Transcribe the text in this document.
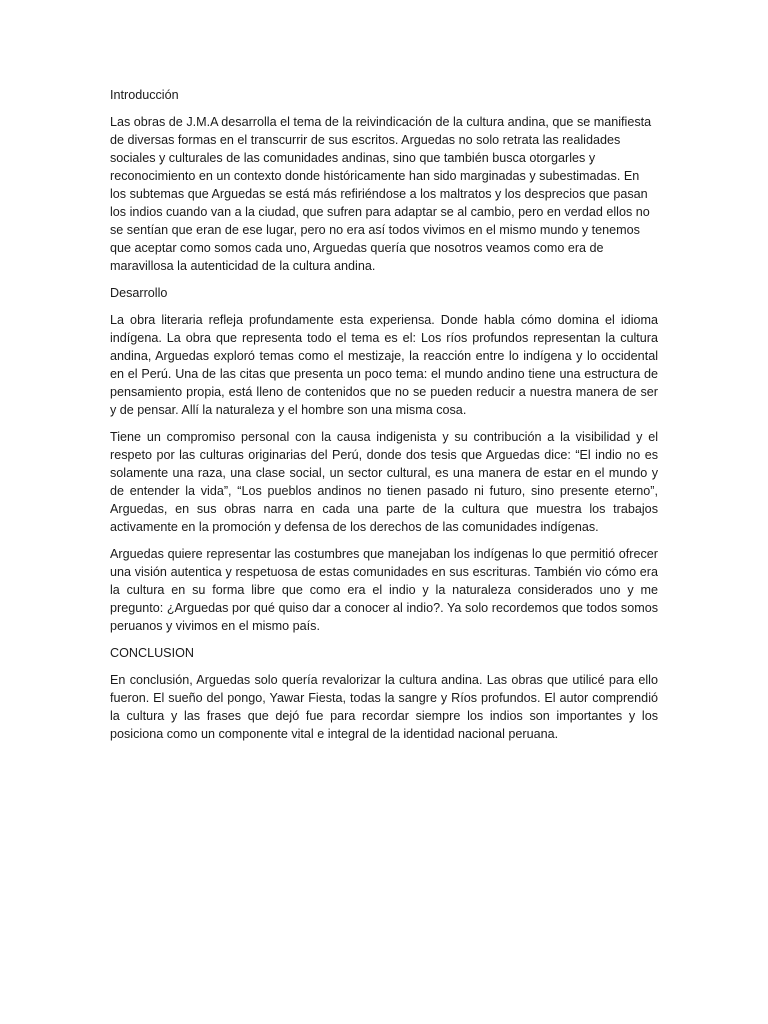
Introducción

Las obras de J.M.A desarrolla el tema de la reivindicación de la cultura andina, que se manifiesta de diversas formas en el transcurrir de sus escritos. Arguedas no solo retrata las realidades sociales y culturales de las comunidades andinas, sino que también busca otorgarles y reconocimiento en un contexto donde históricamente han sido marginadas y subestimadas. En los subtemas que Arguedas se está más refiriéndose a los maltratos y los desprecios que pasan los indios cuando van a la ciudad, que sufren para adaptar se al cambio, pero en verdad ellos no se sentían que eran de ese lugar, pero no era así todos vivimos en el mismo mundo y tenemos que aceptar como somos cada uno, Arguedas quería que nosotros veamos como era de maravillosa la autenticidad de la cultura andina.

Desarrollo

La obra literaria refleja profundamente esta experiensa. Donde habla cómo domina el idioma indígena. La obra que representa todo el tema es el: Los ríos profundos representan la cultura andina, Arguedas exploró temas como el mestizaje, la reacción entre lo indígena y lo occidental en el Perú. Una de las citas que presenta un poco tema: el mundo andino tiene una estructura de pensamiento propia, está lleno de contenidos que no se pueden reducir a nuestra manera de ser y de pensar. Allí la naturaleza y el hombre son una misma cosa.

Tiene un compromiso personal con la causa indigenista y su contribución a la visibilidad y el respeto por las culturas originarias del Perú, donde dos tesis que Arguedas dice: “El indio no es solamente una raza, una clase social, un sector cultural, es una manera de estar en el mundo y de entender la vida”, “Los pueblos andinos no tienen pasado ni futuro, sino presente eterno”, Arguedas, en sus obras narra en cada una parte de la cultura que muestra los trabajos activamente en la promoción y defensa de los derechos de las comunidades indígenas.

Arguedas quiere representar las costumbres que manejaban los indígenas lo que permitió ofrecer una visión autentica y respetuosa de estas comunidades en sus escrituras. También vio cómo era la cultura en su forma libre que como era el indio y la naturaleza considerados uno y me pregunto: ¿Arguedas por qué quiso dar a conocer al indio?. Ya solo recordemos que todos somos peruanos y vivimos en el mismo país.

CONCLUSION

En conclusión, Arguedas solo quería revalorizar la cultura andina. Las obras que utilicé para ello fueron. El sueño del pongo, Yawar Fiesta, todas la sangre y Ríos profundos. El autor comprendió la cultura y las frases que dejó fue para recordar siempre los indios son importantes y los posiciona como un componente vital e integral de la identidad nacional peruana.
